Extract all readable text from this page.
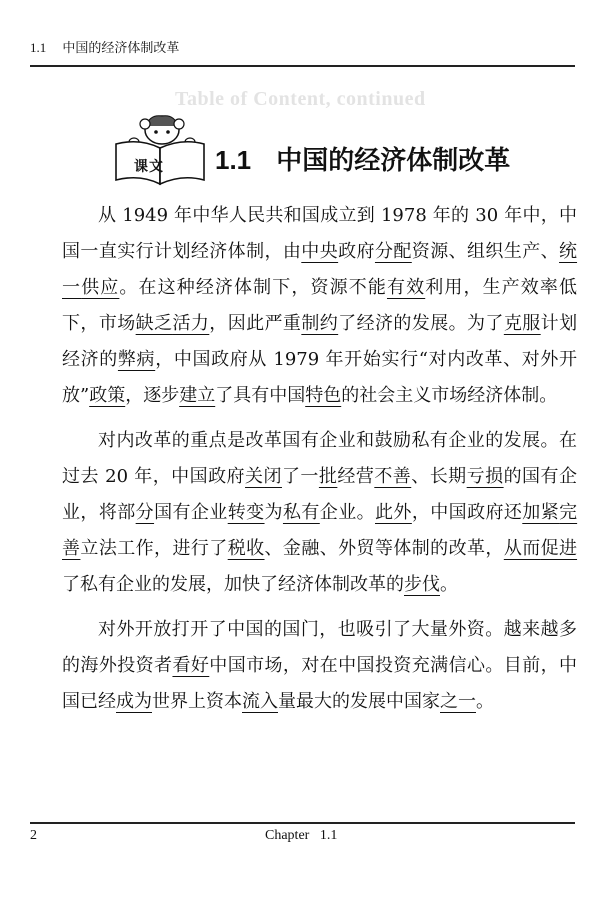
Table of Content, continued
1.1 中国的经济体制改革
课文 1.1 中国的经济体制改革

从 1949 年中华人民共和国成立到 1978 年的 30 年中，中国一直实行计划经济体制，由中央政府分配资源、组织生产、统一供应。在这种经济体制下，资源不能有效利用，生产效率低下，市场缺乏活力，因此严重制约了经济的发展。为了克服计划经济的弊病，中国政府从 1979 年开始实行“对内改革、对外开放”政策，逐步建立了具有中国特色的社会主义市场经济体制。

对内改革的重点是改革国有企业和鼓励私有企业的发展。在过去 20 年，中国政府关闭了一批经营不善、长期亏损的国有企业，将部分国有企业转变为私有企业。此外，中国政府还加紧完善立法工作，进行了税收、金融、外贸等体制的改革，从而促进了私有企业的发展，加快了经济体制改革的步伐。

对外开放打开了中国的国门，也吸引了大量外资。越来越多的海外投资者看好中国市场，对在中国投资充满信心。目前，中国已经成为世界上资本流入量最大的发展中国家之一。

2	Chapter 1.1
